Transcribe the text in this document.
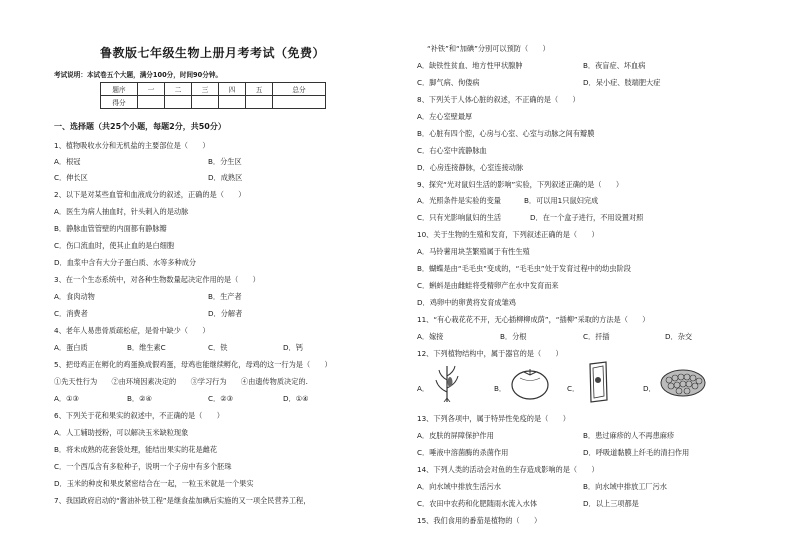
鲁教版七年级生物上册月考考试（免费）
考试说明：本试卷五个大题，满分100分，时间90分钟。
题序	一	二	三	四	五	总分
得分						
一、选择题（共25个小题，每题2分，共50分）
1、植物吸收水分和无机盐的主要部位是（　　）
A．根冠	B．分生区
C．伸长区	D．成熟区
2、以下是对某些血管和血液成分的叙述，正确的是（　　）
A．医生为病人抽血时，针头刺入的是动脉
B．静脉血管管壁的内面都有静脉瓣
C．伤口流血时，使其止血的是白细胞
D．血浆中含有大分子蛋白质、水等多种成分
3、在一个生态系统中，对各种生物数量起决定作用的是（　　）
A．食肉动物	B．生产者
C．消费者	D．分解者
4、老年人易患骨质疏松症，是骨中缺少（　　）
A．蛋白质	B．维生素C	C．铁	D．钙
5、把母鸡正在孵化的鸡蛋换成假鸡蛋，母鸡也能继续孵化，母鸡的这一行为是（　　）
①先天性行为　　②由环境因素决定的　　③学习行为　　④由遗传物质决定的.
A．①③	B．②④	C．②③	D．①④
6、下列关于花和果实的叙述中，不正确的是（　　）
A．人工辅助授粉，可以解决玉米缺粒现象
B．将未成熟的花套袋处理，能结出果实的花是雌花
C．一个西瓜含有多粒种子，说明一个子房中有多个胚珠
D．玉米的种皮和果皮紧密结合在一起，一粒玉米就是一个果实
7、我国政府启动的“酱油补铁工程”是继食盐加碘后实施的又一项全民营养工程，
“补铁”和“加碘”分别可以预防（　　）
A．缺铁性贫血、地方性甲状腺肿	B．夜盲症、坏血病
C．脚气病、佝偻病	D．呆小症、肢端肥大症
8、下列关于人体心脏的叙述，不正确的是（　　）
A．左心室壁最厚
B．心脏有四个腔，心房与心室、心室与动脉之间有瓣膜
C．右心室中流静脉血
D．心房连接静脉，心室连接动脉
9、探究“光对鼠妇生活的影响”实验，下列叙述正确的是（　　）
A．光照条件是实验的变量	B．可以用1只鼠妇完成
C．只有光影响鼠妇的生活	D．在一个盒子进行，不用设置对照
10、关于生物的生殖和发育，下列叙述正确的是（　　）
A．马铃薯用块茎繁殖属于有性生殖
B．蝴蝶是由“毛毛虫”变成的，“毛毛虫”处于发育过程中的幼虫阶段
C．蝌蚪是由雌蛙将受精卵产在水中发育而来
D．鸡卵中的卵黄将发育成雏鸡
11、“有心栽花花不开，无心插柳柳成荫”，“插柳”采取的方法是（　　）
A．嫁接	B．分根	C．扦插	D．杂交
12、下列植物结构中，属于器官的是（　　）
A．	B．	C．	D．
13、下列各项中，属于特异性免疫的是（　　）
A．皮肤的屏障保护作用	B．患过麻疹的人不再患麻疹
C．唾液中溶菌酶的杀菌作用	D．呼吸道黏膜上纤毛的清扫作用
14、下列人类的活动会对鱼的生存造成影响的是（　　）
A．向水域中排放生活污水	B．向水域中排放工厂污水
C．农田中农药和化肥随雨水流入水体	D．以上三项都是
15、我们食用的番茄是植物的（　　）
